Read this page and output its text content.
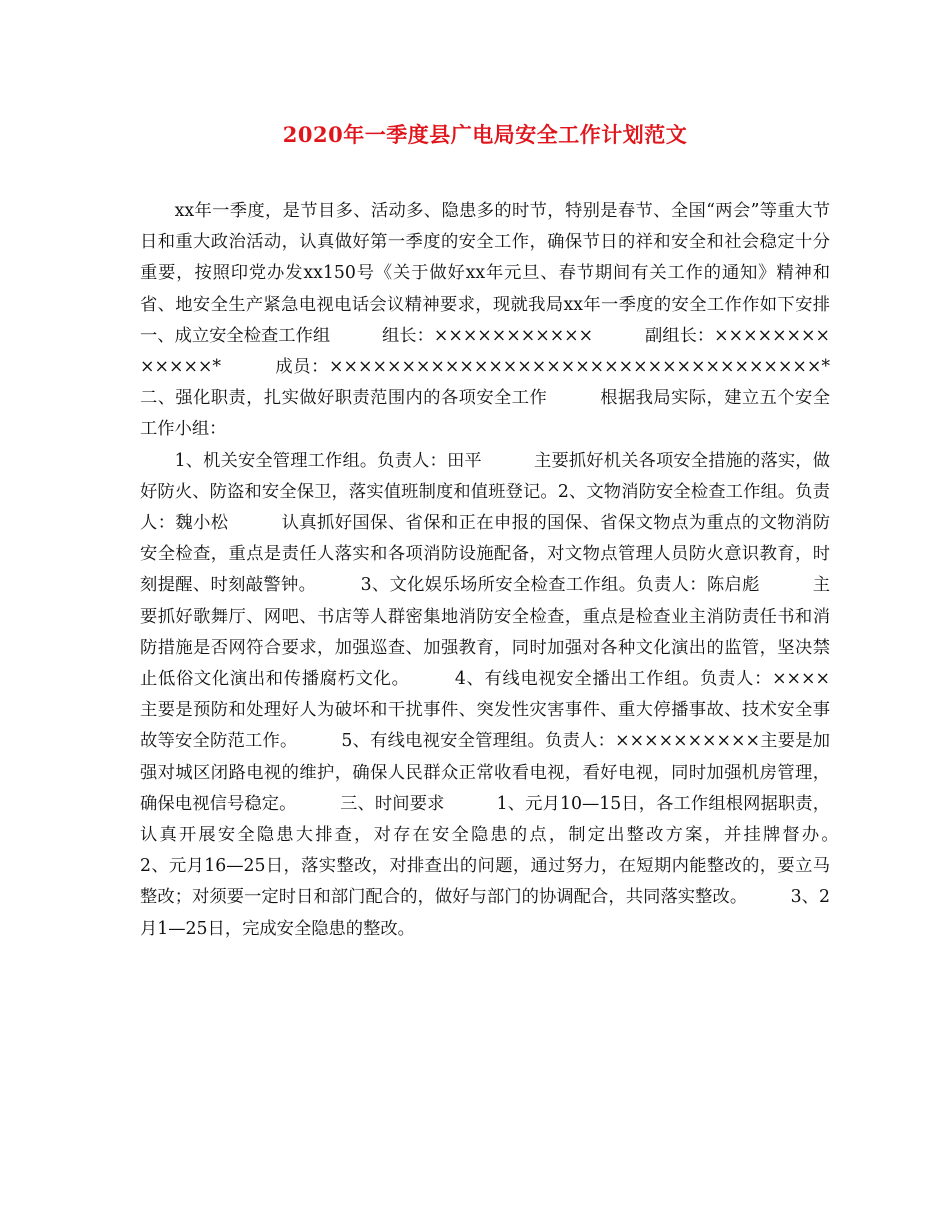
2020年一季度县广电局安全工作计划范文

xx年一季度，是节目多、活动多、隐患多的时节，特别是春节、全国“两会”等重大节日和重大政治活动，认真做好第一季度的安全工作，确保节日的祥和安全和社会稳定十分重要，按照印党办发xx150号《关于做好xx年元旦、春节期间有关工作的通知》精神和省、地安全生产紧急电视电话会议精神要求，现就我局xx年一季度的安全工作作如下安排　　　一、成立安全检查工作组　　　组长：×××××××××××　　　副组长：×××××××××××××*　　　成员：××××××××××××××××××××××××××××××××××*　　　二、强化职责，扎实做好职责范围内的各项安全工作　　　根据我局实际，建立五个安全工作小组：

1、机关安全管理工作组。负责人：田平　　　主要抓好机关各项安全措施的落实，做好防火、防盗和安全保卫，落实值班制度和值班登记。2、文物消防安全检查工作组。负责人：魏小松　　　认真抓好国保、省保和正在申报的国保、省保文物点为重点的文物消防安全检查，重点是责任人落实和各项消防设施配备，对文物点管理人员防火意识教育，时刻提醒、时刻敲警钟。　　　3、文化娱乐场所安全检查工作组。负责人：陈启彪　　　主要抓好歌舞厅、网吧、书店等人群密集地消防安全检查，重点是检查业主消防责任书和消防措施是否网符合要求，加强巡查、加强教育，同时加强对各种文化演出的监管，坚决禁止低俗文化演出和传播腐朽文化。　　　4、有线电视安全播出工作组。负责人：××××　　　主要是预防和处理好人为破坏和干扰事件、突发性灾害事件、重大停播事故、技术安全事故等安全防范工作。　　　5、有线电视安全管理组。负责人：××××××××××主要是加强对城区闭路电视的维护，确保人民群众正常收看电视，看好电视，同时加强机房管理，确保电视信号稳定。　　　三、时间要求　　　1、元月10—15日，各工作组根网据职责，认真开展安全隐患大排查，对存在安全隐患的点，制定出整改方案，并挂牌督办。　　　2、元月16—25日，落实整改，对排查出的问题，通过努力，在短期内能整改的，要立马整改；对须要一定时日和部门配合的，做好与部门的协调配合，共同落实整改。　　　3、2月1—25日，完成安全隐患的整改。
